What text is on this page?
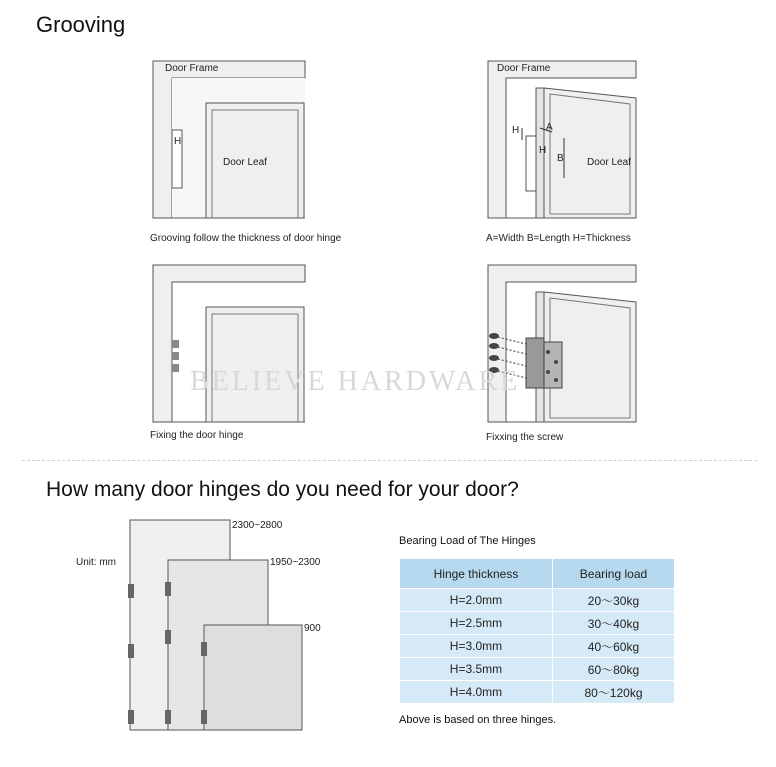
Grooving
Door Frame
H
Door Leaf
Grooving follow the thickness of door hinge
Door Frame
H	A
H
B Door Leaf
A=Width B=Length H=Thickness
Fixing the door hinge	Fixxing the screw
BELIEVE HARDWARE
How many door hinges do you need for your door?
Unit: mm
2300~2800
1950~2300
900
Bearing Load of The Hinges
Hinge thickness	Bearing load
H=2.0mm	20～30kg
H=2.5mm	30～40kg
H=3.0mm	40～60kg
H=3.5mm	60～80kg
H=4.0mm	80～120kg
Above is based on three hinges.
